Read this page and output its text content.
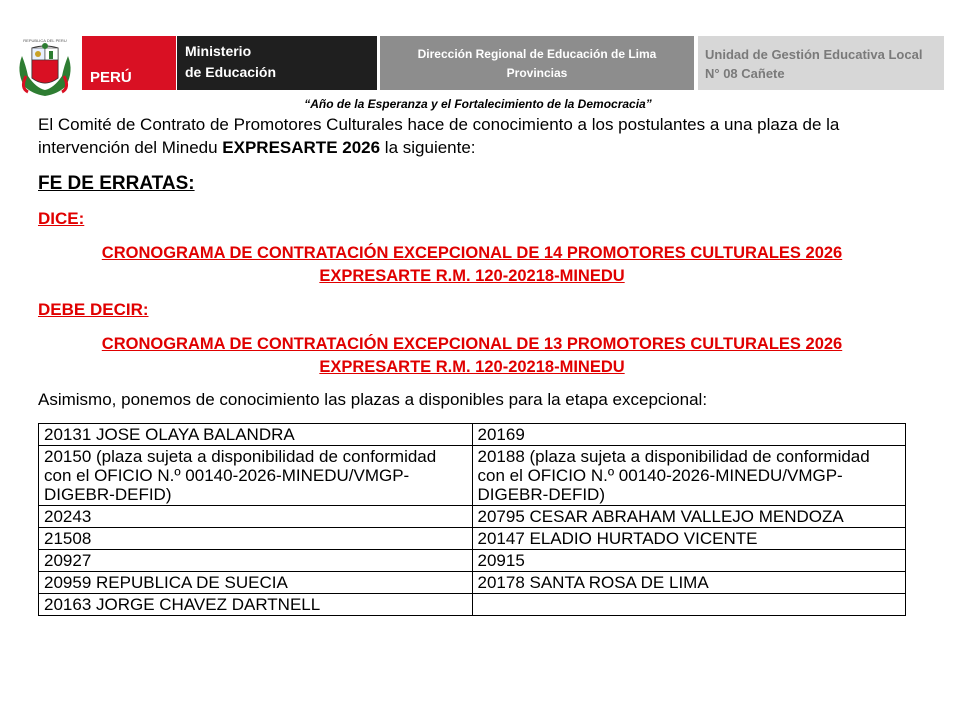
REPUBLICA DEL PERU
PERÚ
Ministerio
de Educación
Dirección Regional de Educación de Lima
Provincias
Unidad de Gestión Educativa Local
N° 08 Cañete
“Año de la Esperanza y el Fortalecimiento de la Democracia”
El Comité de Contrato de Promotores Culturales hace de conocimiento a los postulantes a una plaza de la intervención del Minedu EXPRESARTE 2026 la siguiente:
FE DE ERRATAS:
DICE:
CRONOGRAMA DE CONTRATACIÓN EXCEPCIONAL DE 14 PROMOTORES CULTURALES 2026
EXPRESARTE R.M. 120-20218-MINEDU
DEBE DECIR:
CRONOGRAMA DE CONTRATACIÓN EXCEPCIONAL DE 13 PROMOTORES CULTURALES 2026
EXPRESARTE R.M. 120-20218-MINEDU
Asimismo, ponemos de conocimiento las plazas a disponibles para la etapa excepcional:
20131 JOSE OLAYA BALANDRA	20169
20150 (plaza sujeta a disponibilidad de conformidad con el OFICIO N.º 00140-2026-MINEDU/VMGP-DIGEBR-DEFID)	20188 (plaza sujeta a disponibilidad de conformidad con el OFICIO N.º 00140-2026-MINEDU/VMGP-DIGEBR-DEFID)
20243	20795 CESAR ABRAHAM VALLEJO MENDOZA
21508	20147 ELADIO HURTADO VICENTE
20927	20915
20959 REPUBLICA DE SUECIA	20178 SANTA ROSA DE LIMA
20163 JORGE CHAVEZ DARTNELL	
